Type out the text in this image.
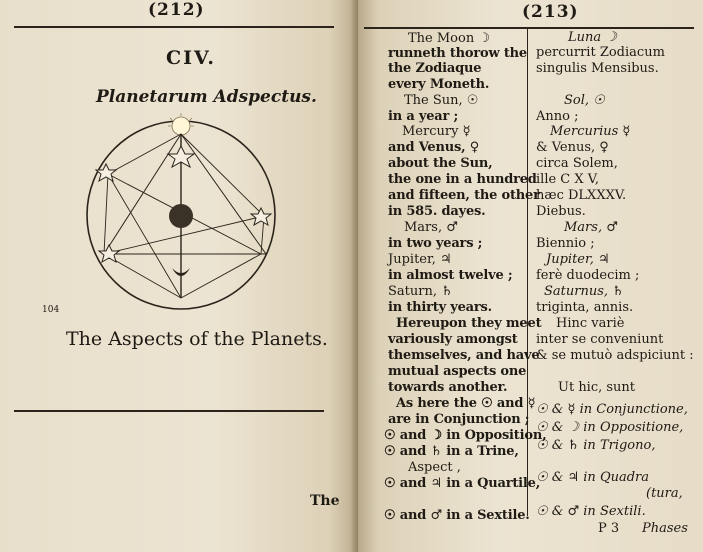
(212)
CIV.
Planetarum Adspectus.
104
The Aspects of the Planets.
The
(213)
The Moon ☽
runneth thorow the
the Zodiaque
every Moneth.
The Sun, ☉
in a year ;
Mercury ☿
and Venus, ♀
about the Sun,
the one in a hundred
and fifteen, the other
in 585. dayes.
Mars, ♂
in two years ;
Jupiter, ♃
in almost twelve ;
Saturn, ♄
in thirty years.
Hereupon they meet
variously amongst
themselves, and have
mutual aspects one
towards another.
As here the ☉ and ☿
are in Conjunction ;
☉ and ☽ in Opposition,
☉ and ♄ in a Trine,
Aspect ,
☉ and ♃ in a Quartile,
☉ and ♂ in a Sextile.
Luna ☽
percurrit Zodiacum
singulis Mensibus.
Sol, ☉
Anno ;
Mercurius ☿
& Venus, ♀
circa Solem,
ille C X V,
hæc DLXXXV.
Diebus.
Mars, ♂
Biennio ;
Jupiter, ♃
ferè duodecim ;
Saturnus, ♄
triginta, annis.
Hinc variè
inter se conveniunt
& se mutuò adspiciunt :
Ut hic, sunt
☉ & ☿ in Conjunctione,
☉ & ☽ in Oppositione,
☉ & ♄ in Trigono,
☉ & ♃ in Quadra
(tura,
☉ & ♂ in Sextili.
P 3 Phases
